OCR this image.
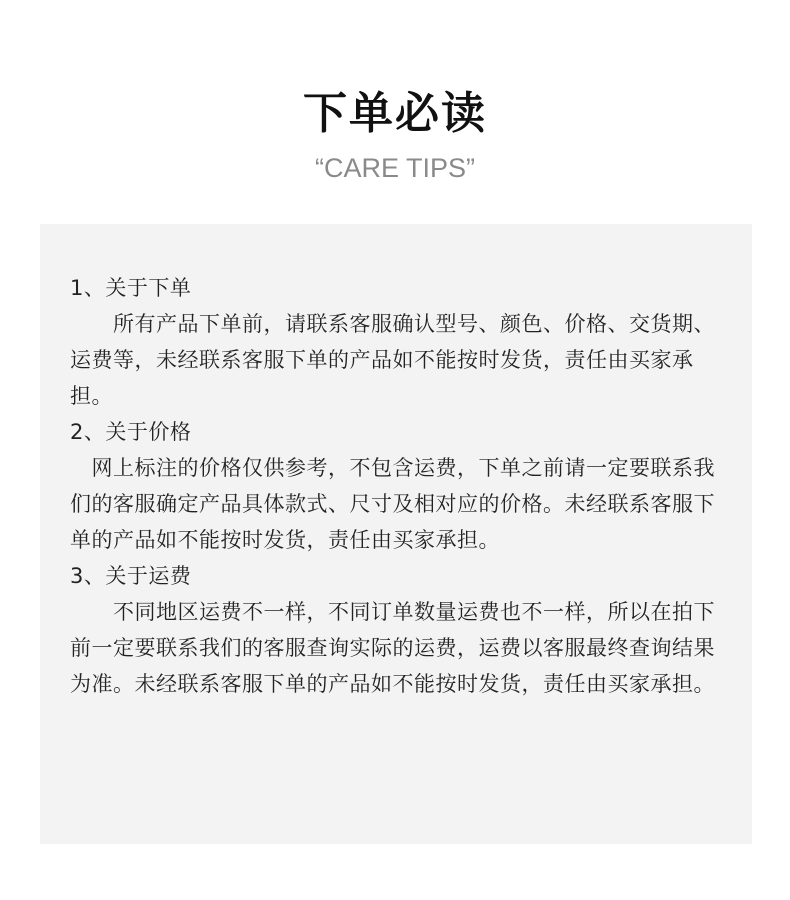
下单必读
“CARE TIPS”

1、关于下单

　　所有产品下单前，请联系客服确认型号、颜色、价格、交货期、运费等，未经联系客服下单的产品如不能按时发货，责任由买家承担。

2、关于价格

　网上标注的价格仅供参考，不包含运费，下单之前请一定要联系我们的客服确定产品具体款式、尺寸及相对应的价格。未经联系客服下单的产品如不能按时发货，责任由买家承担。

3、关于运费

　　不同地区运费不一样，不同订单数量运费也不一样，所以在拍下前一定要联系我们的客服查询实际的运费，运费以客服最终查询结果为准。未经联系客服下单的产品如不能按时发货，责任由买家承担。
